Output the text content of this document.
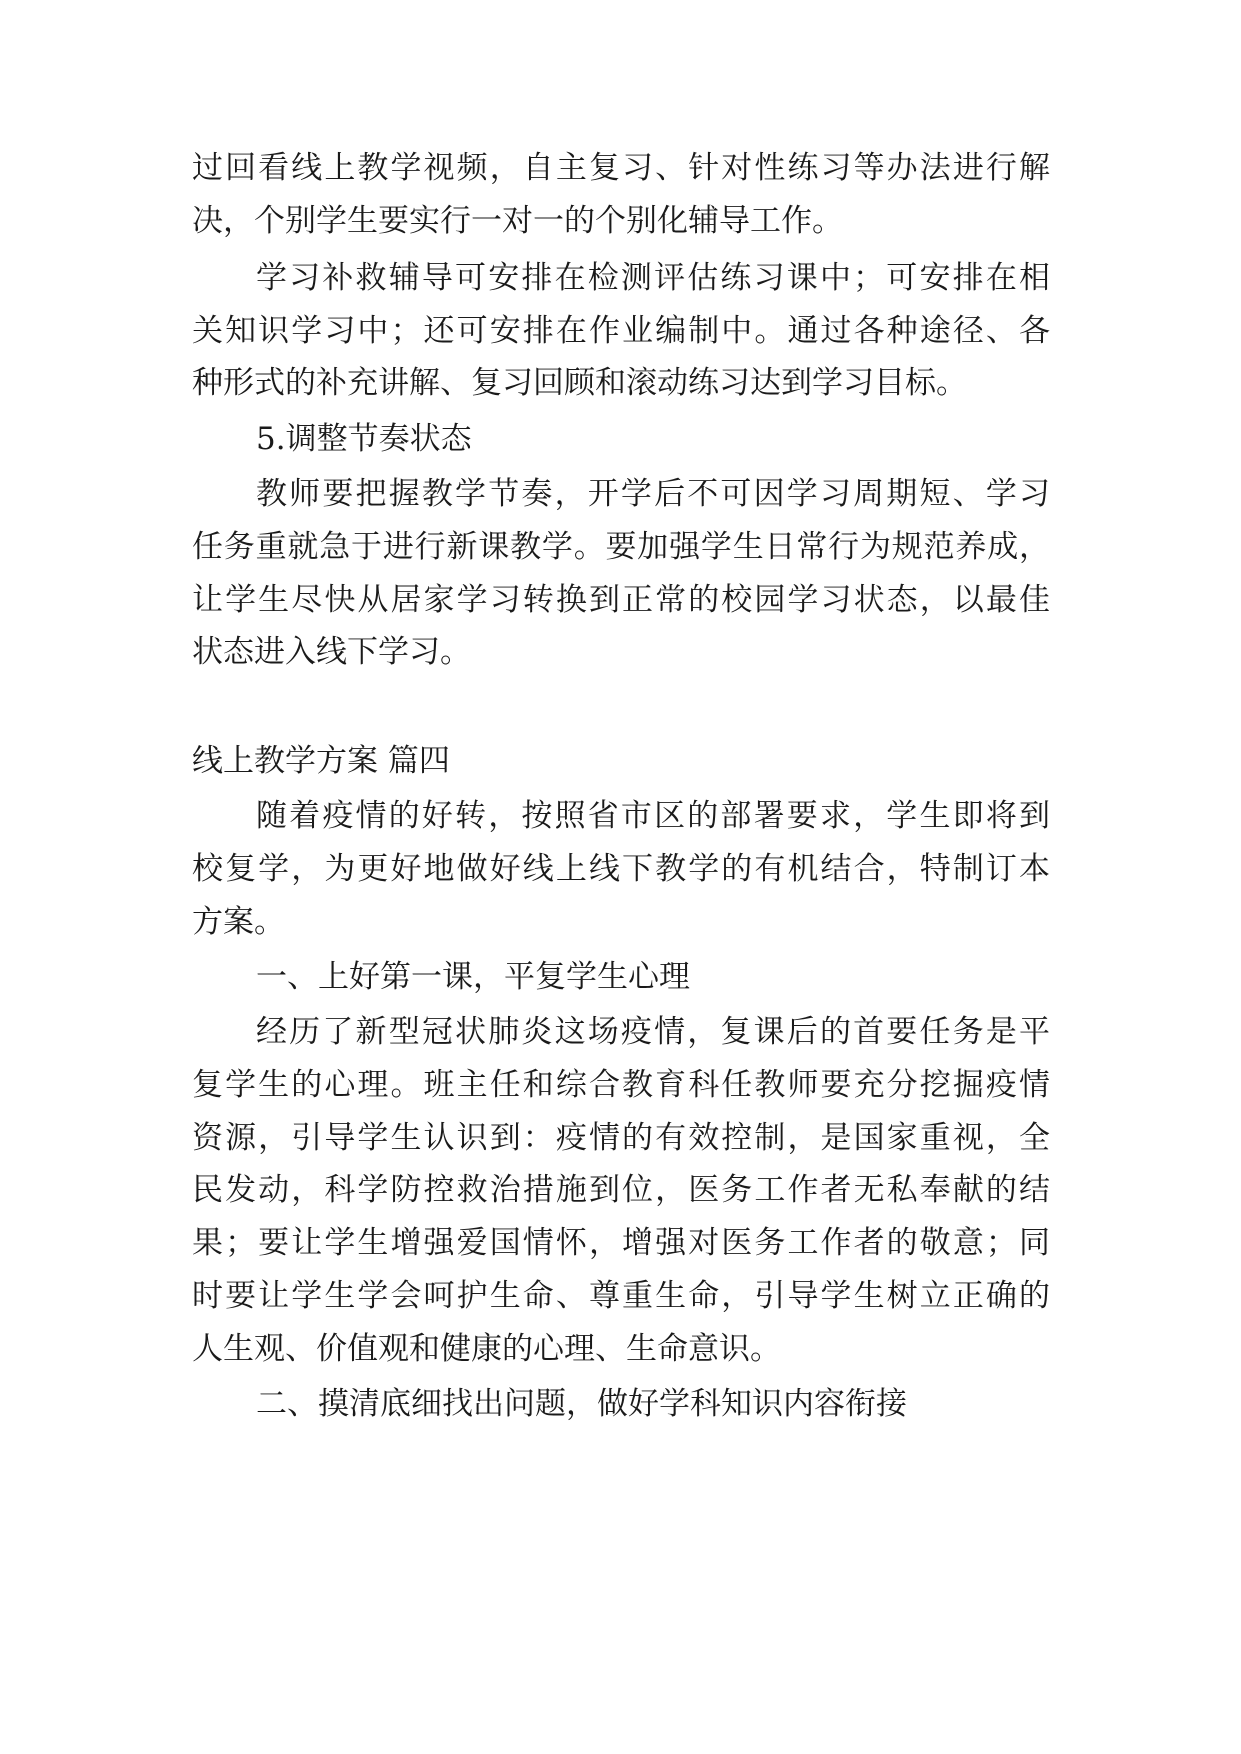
过回看线上教学视频，自主复习、针对性练习等办法进行解

决，个别学生要实行一对一的个别化辅导工作。

学习补救辅导可安排在检测评估练习课中；可安排在相

关知识学习中；还可安排在作业编制中。通过各种途径、各

种形式的补充讲解、复习回顾和滚动练习达到学习目标。

5.调整节奏状态

教师要把握教学节奏，开学后不可因学习周期短、学习

任务重就急于进行新课教学。要加强学生日常行为规范养成，

让学生尽快从居家学习转换到正常的校园学习状态，以最佳

状态进入线下学习。

线上教学方案 篇四

随着疫情的好转，按照省市区的部署要求，学生即将到

校复学，为更好地做好线上线下教学的有机结合，特制订本

方案。

一、上好第一课，平复学生心理

经历了新型冠状肺炎这场疫情，复课后的首要任务是平

复学生的心理。班主任和综合教育科任教师要充分挖掘疫情

资源，引导学生认识到：疫情的有效控制，是国家重视，全

民发动，科学防控救治措施到位，医务工作者无私奉献的结

果；要让学生增强爱国情怀，增强对医务工作者的敬意；同

时要让学生学会呵护生命、尊重生命，引导学生树立正确的

人生观、价值观和健康的心理、生命意识。

二、摸清底细找出问题，做好学科知识内容衔接
